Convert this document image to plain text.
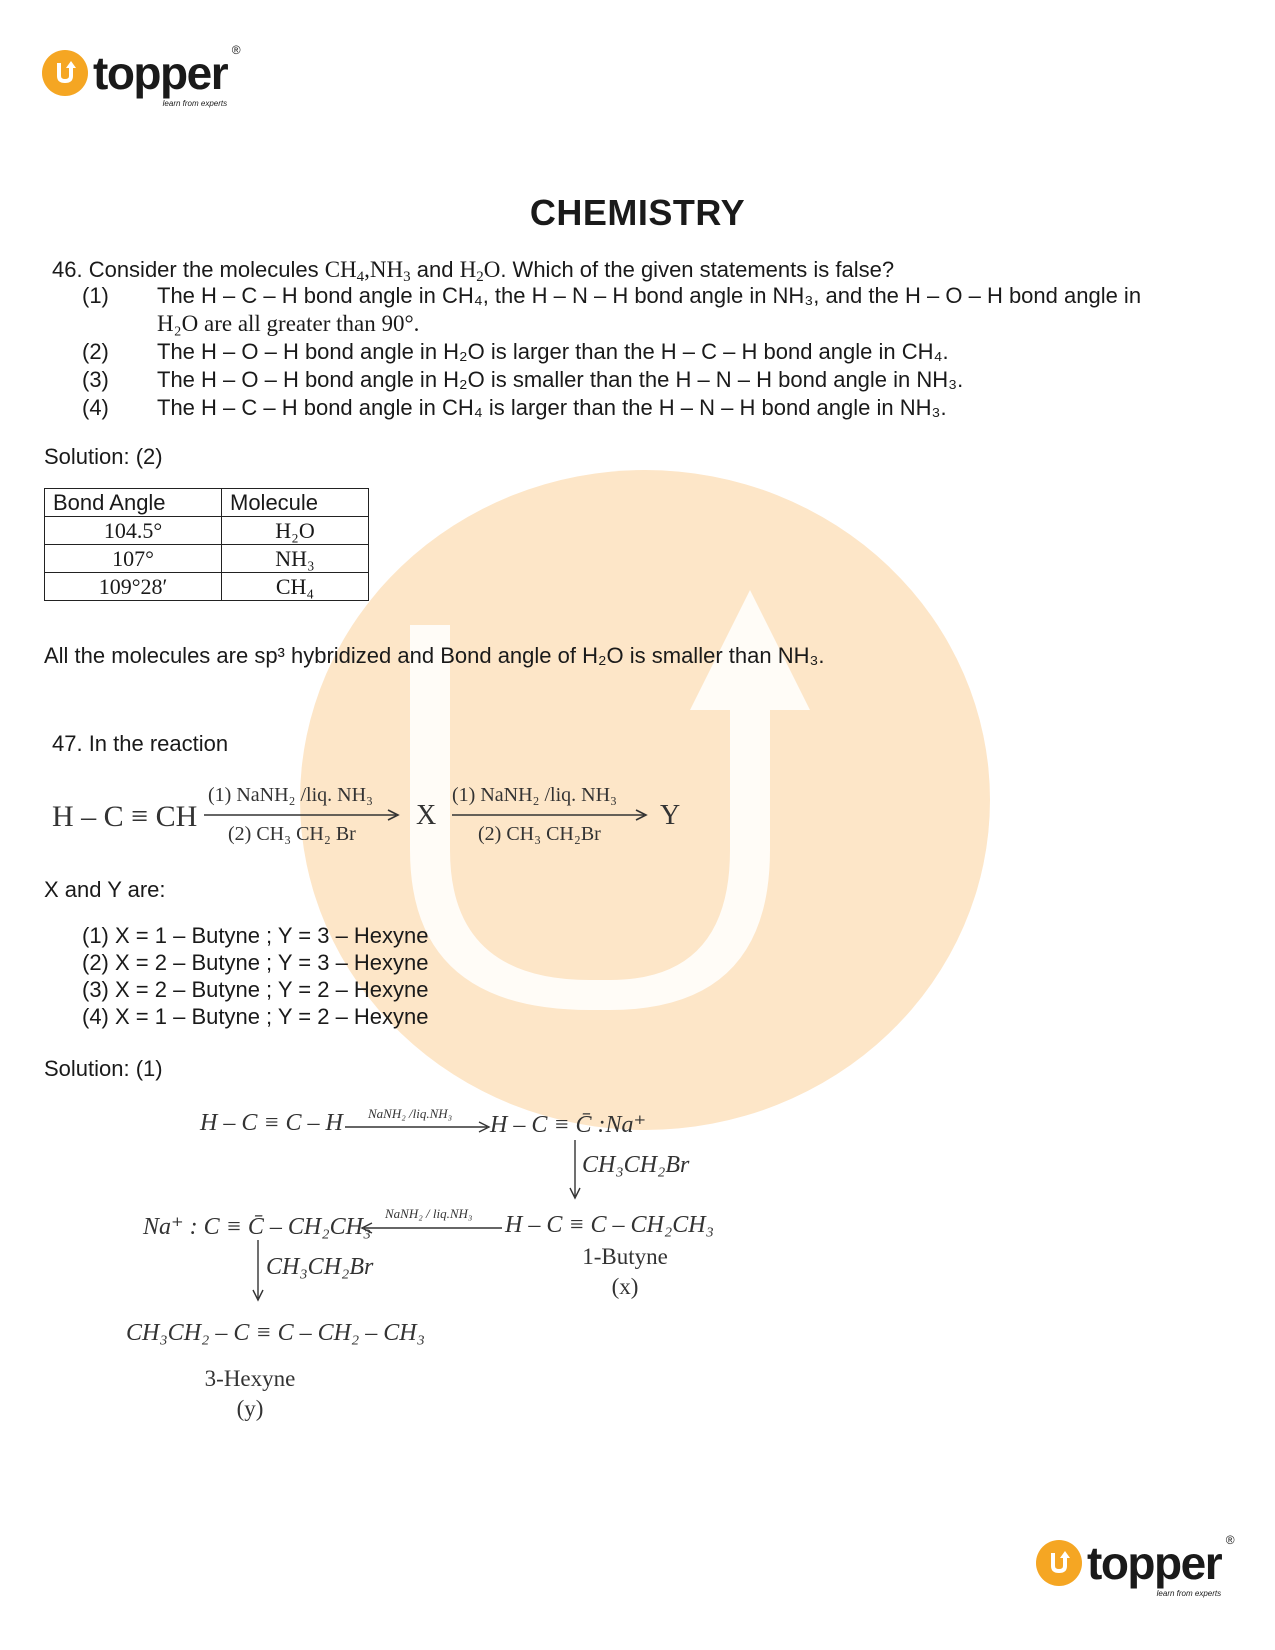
topper ®
learn from experts
CHEMISTRY
46. Consider the molecules $CH_4,NH_3$ and $H_2O$. Which of the given statements is false?
(1) The H – C – H bond angle in CH₄, the H – N – H bond angle in NH₃, and the H – O – H bond angle in
H₂O are all greater than 90°.
(2) The H – O – H bond angle in H₂O is larger than the H – C – H bond angle in CH₄.
(3) The H – O – H bond angle in H₂O is smaller than the H – N – H bond angle in NH₃.
(4) The H – C – H bond angle in CH₄ is larger than the H – N – H bond angle in NH₃.
Solution: (2)
Bond Angle	Molecule
104.5°	H₂O
107°	NH₃
109°28′	CH₄
All the molecules are sp³ hybridized and Bond angle of H₂O is smaller than NH₃.
47. In the reaction
H – C ≡ CH
(1) NaNH₂ /liq. NH₃
(2) CH₃ CH₂ Br
X
(1) NaNH₂ /liq. NH₃
(2) CH₃ CH₂Br
Y
X and Y are:
(1) X = 1 – Butyne ; Y = 3 – Hexyne
(2) X = 2 – Butyne ; Y = 3 – Hexyne
(3) X = 2 – Butyne ; Y = 2 – Hexyne
(4) X = 1 – Butyne ; Y = 2 – Hexyne
Solution: (1)
H – C ≡ C – H NaNH₂ /liq.NH₃ H – C ≡ C̄ :Na⁺
CH₃CH₂Br
Na⁺ : C ≡ C̄ – CH₂CH₃
NaNH₂ / liq.NH₃ H – C ≡ C – CH₂CH₃
1-Butyne
(x)
CH₃CH₂Br
CH₃CH₂ – C ≡ C – CH₂ – CH₃
3-Hexyne
(y)
topper ®
learn from experts
